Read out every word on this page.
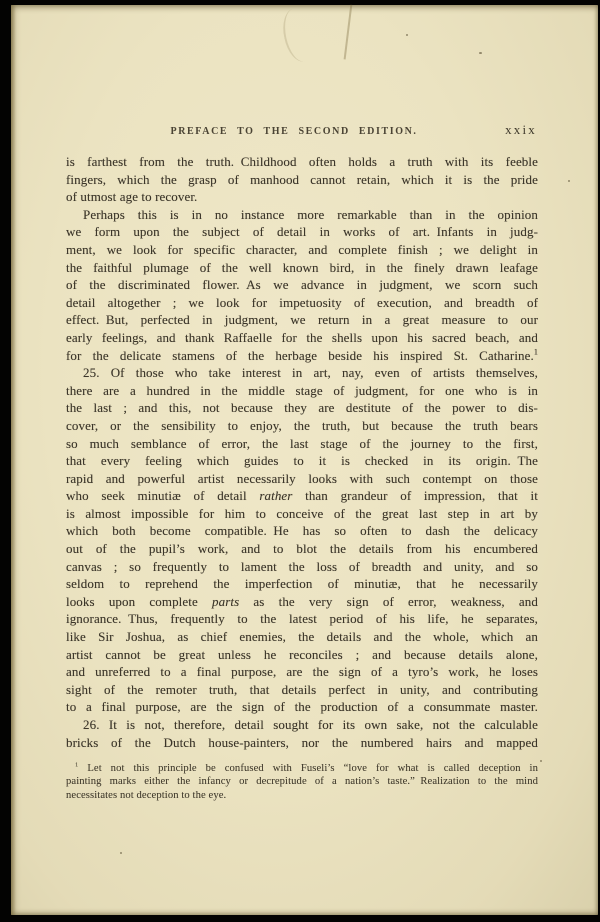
PREFACE TO THE SECOND EDITION.	xxix
is farthest from the truth. Childhood often holds a truth with its feeble
fingers, which the grasp of manhood cannot retain, which it is the pride
of utmost age to recover.
Perhaps this is in no instance more remarkable than in the opinion
we form upon the subject of detail in works of art. Infants in judg-
ment, we look for specific character, and complete finish ; we delight in
the faithful plumage of the well known bird, in the finely drawn leafage
of the discriminated flower. As we advance in judgment, we scorn such
detail altogether ; we look for impetuosity of execution, and breadth of
effect. But, perfected in judgment, we return in a great measure to our
early feelings, and thank Raffaelle for the shells upon his sacred beach, and
for the delicate stamens of the herbage beside his inspired St. Catharine.$^1$
25. Of those who take interest in art, nay, even of artists themselves,
there are a hundred in the middle stage of judgment, for one who is in
the last ; and this, not because they are destitute of the power to dis-
cover, or the sensibility to enjoy, the truth, but because the truth bears
so much semblance of error, the last stage of the journey to the first,
that every feeling which guides to it is checked in its origin. The
rapid and powerful artist necessarily looks with such contempt on those
who seek minutiæ of detail rather than grandeur of impression, that it
is almost impossible for him to conceive of the great last step in art by
which both become compatible. He has so often to dash the delicacy
out of the pupil’s work, and to blot the details from his encumbered
canvas ; so frequently to lament the loss of breadth and unity, and so
seldom to reprehend the imperfection of minutiæ, that he necessarily
looks upon complete parts as the very sign of error, weakness, and
ignorance. Thus, frequently to the latest period of his life, he separates,
like Sir Joshua, as chief enemies, the details and the whole, which an
artist cannot be great unless he reconciles ; and because details alone,
and unreferred to a final purpose, are the sign of a tyro’s work, he loses
sight of the remoter truth, that details perfect in unity, and contributing
to a final purpose, are the sign of the production of a consummate master.
26. It is not, therefore, detail sought for its own sake, not the calculable
bricks of the Dutch house-painters, nor the numbered hairs and mapped
$^1$ Let not this principle be confused with Fuseli’s “love for what is called deception in
painting marks either the infancy or decrepitude of a nation’s taste.” Realization to the mind
necessitates not deception to the eye.
